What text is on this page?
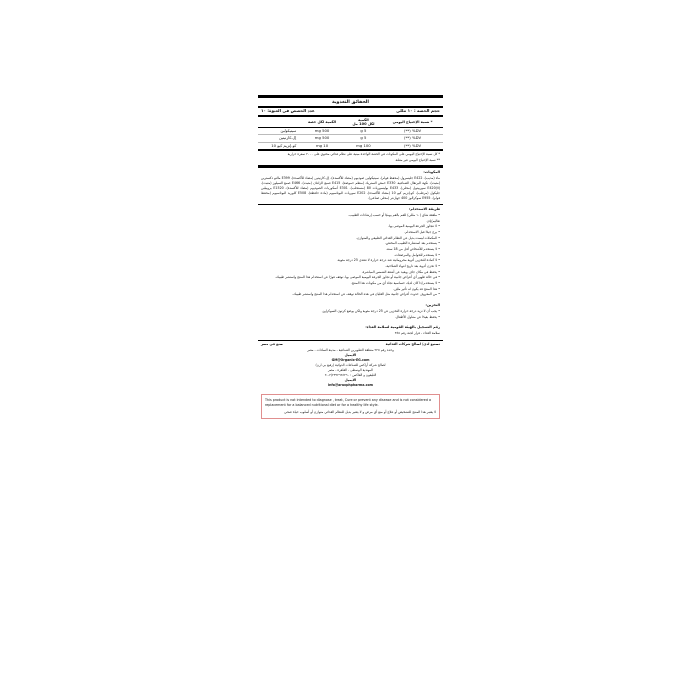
الحقائق التغذوية
حجم الحصة : ١٠ مللي
عدد الحصص في العبوة: ١٠
* نسبة الإحتياج اليومي	الكمية
لكل 100 مل	الكمية لكل حصة	
DV% (**)	5 g	500 mg	سيتيكولين
DV% (**)	5 g	500 mg	إل-كارنيتين
DV% (**)	100 mg	10 mg	كو-إنزيم كيو 10
* كل نسبة الإحتياج اليومي على المكونات في الحصة الواحدة مبنية على نظام غذائي محتوي على ٢٠٠٠ سعرة حرارية
** نسبة الإحتياج اليومي غير معلنة
المكونات:

ماء (مذيب)، E422 جليسرول (محفظ قوام)، سيتيكولين صوديوم (مضاد للأكسدة)، إل-كارنيتين (مضاد للأكسدة)، E399 مالتو دكسترين (مثبت)، نكهة البرتقال الصناعية، E330 حمض الستريك (منظم حموضة)، E415 صمغ الزانثان (مثبت)، E466 صمغ السيلوز (مثبت)، E420(ii) سوربيتول (محلي)، E433 بوليسوربات 80 (مستحلب)، E301 أسكوربات الصوديوم (مضاد للأكسدة)، E1520 بروبيلين جليكول (مرطب)، كو-إنزيم كيو 10 (مضاد للأكسدة)، E202 سوربات البوتاسيوم (مادة حافظة)، E508 كلوريد البوتاسيوم (محفظ قوام)، E955 سوكرالوز 400 جهازنتر (محلي صناعي).

طريقة الاستخدام:

• ملعقة شاي (١٠ مللي) للفم بالفم يوميًا أو حسب إرشادات الطبيب.

تعاليم/إذن

• لا تتجاوز الجرعة اليومية الموصى بها.

• يرج جيدًا قبل الاستخدام.

• المكملات ليست بديل عن النظام الغذائي الطبيعي والمتوازن.

• يستخدم بعد استشارة الطبيب المختص.

• لا يستخدم للأشخاص أقل من 18 سنة.

• لا يستخدم للحوامل والمرضعات.

• لا كمادة للتخزين أدوية محروماتية عند درجة حرارة لا تتعدى 25 درجة مئوية.

• لا تخزن أدوية بعد تاريخ انتهاء الصلاحية.

• يحفظ في مكان جاف وبعيد عن أشعة الشمس المباشرة.

• في حالة ظهور أي أعراض جانبية أو تجاوز الجرعة اليومية الموصى بها، توقف فورًا عن استخدام هذا المنتج واستشر طبيبك.

• لا يستخدم إذا كان لديك حساسية تجاه أي من مكونات هذا المنتج.

• هذا المنتج قد يكون له تأثير مليّن.

• من المعروف حدوث أعراض جانبية مثل الغليان في هذه الحالة توقف عن استخدام هذا المنتج واستشر طبيبك.

التخزين:

• يجب أن لا تزيد درجة حرارة التخزين عن 25 درجة مئوية ولكن يوضع كرتون السوكراوز.

• يحفظ بعيدًا عن متناول الأطفال.

رقم التسجيل بالهيئة القومية لسلامة الغذاء:

سلامة الغذاء - قرار لجنة رقم ٣٤٥

تصنيع لدى/ لصالح شركات الغذائية
صنع في مصر
وحده رقم ٢٢٥ منطقة التطويرين الصناعية - مدينة السادات - مصر
الايميل
GM@Organix-EG.com
لصالح شركة أراكس للصناعات الدوائية (رفيع بي ارن)
المهندية الوسطى - القاهرة - مصر
التليفون و الفاكس : ٠٢/٢٣٢٢٦٢٤٢٦٠-٢
الايميل
info@araxphpharma.com
This product is not intended to diagnose , treat, Cure or prevent any disease and is not considered a replacement for a balanced nutritional diet or for a healthy life style.
لا يعتبر هذا المنتج للتشخيص أو علاج أو منع أي مرض و لا يعتبر بديل للنظام الغذائي متوازن أو أسلوب حياة صحي
